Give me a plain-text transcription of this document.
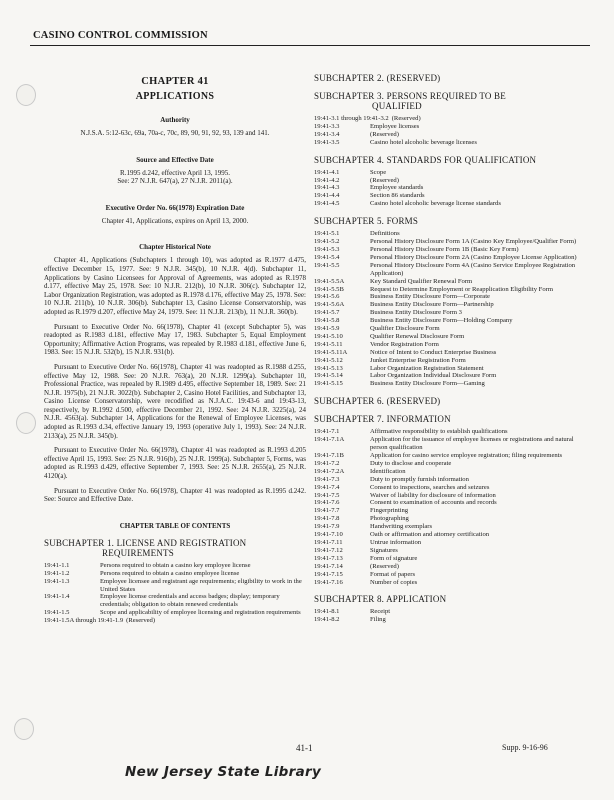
CASINO CONTROL COMMISSION
CHAPTER 41
APPLICATIONS
Authority
N.J.S.A. 5:12-63c, 69a, 70a-c, 70c, 89, 90, 91, 92, 93, 139 and 141.
Source and Effective Date
R.1995 d.242, effective April 13, 1995.
See: 27 N.J.R. 647(a), 27 N.J.R. 2011(a).
Executive Order No. 66(1978) Expiration Date
Chapter 41, Applications, expires on April 13, 2000.
Chapter Historical Note
Chapter 41, Applications (Subchapters 1 through 10), was adopted as R.1977 d.475, effective December 15, 1977. See: 9 N.J.R. 345(b), 10 N.J.R. 4(d). Subchapter 11, Applications by Casino Licensees for Approval of Agreements, was adopted as R.1978 d.177, effective May 25, 1978. See: 10 N.J.R. 212(b), 10 N.J.R. 306(c). Subchapter 12, Labor Organization Registration, was adopted as R.1978 d.176, effective May 25, 1978. See: 10 N.J.R. 211(b), 10 N.J.R. 306(b). Subchapter 13, Casino License Conservatorship, was adopted as R.1979 d.207, effective May 24, 1979. See: 11 N.J.R. 213(b), 11 N.J.R. 360(b).
Pursuant to Executive Order No. 66(1978), Chapter 41 (except Subchapter 5), was readopted as R.1983 d.181, effective May 17, 1983. Subchapter 5, Equal Employment Opportunity; Affirmative Action Programs, was repealed by R.1983 d.181, effective June 6, 1983. See: 15 N.J.R. 532(b), 15 N.J.R. 931(b).
Pursuant to Executive Order No. 66(1978), Chapter 41 was readopted as R.1988 d.255, effective May 12, 1988. See: 20 N.J.R. 763(a), 20 N.J.R. 1299(a). Subchapter 10, Professional Practice, was repealed by R.1989 d.495, effective September 18, 1989. See: 21 N.J.R. 1975(b), 21 N.J.R. 3022(b). Subchapter 2, Casino Hotel Facilities, and Subchapter 13, Casino License Conservatorship, were recodified as N.J.A.C. 19:43-6 and 19:43-13, respectively, by R.1992 d.500, effective December 21, 1992. See: 24 N.J.R. 3225(a), 24 N.J.R. 4563(a). Subchapter 14, Applications for the Renewal of Employee Licenses, was adopted as R.1993 d.34, effective January 19, 1993 (operative July 1, 1993). See: 24 N.J.R. 2133(a), 25 N.J.R. 345(b).
Pursuant to Executive Order No. 66(1978), Chapter 41 was readopted as R.1993 d.205 effective April 15, 1993. See: 25 N.J.R. 916(b), 25 N.J.R. 1999(a). Subchapter 5, Forms, was adopted as R.1993 d.429, effective September 7, 1993. See: 25 N.J.R. 2655(a), 25 N.J.R. 4120(a).
Pursuant to Executive Order No. 66(1978), Chapter 41 was readopted as R.1995 d.242. See: Source and Effective Date.
CHAPTER TABLE OF CONTENTS
SUBCHAPTER 1. LICENSE AND REGISTRATION
REQUIREMENTS
19:41-1.1	Persons required to obtain a casino key employee license
19:41-1.2	Persons required to obtain a casino employee license
19:41-1.3	Employee licensee and registrant age requirements; eligibility to work in the United States
19:41-1.4	Employee license credentials and access badges; display; temporary credentials; obligation to obtain renewed credentials
19:41-1.5	Scope and applicability of employee licensing and registration requirements
19:41-1.5A through 19:41-1.9 (Reserved)
SUBCHAPTER 2. (RESERVED)
SUBCHAPTER 3. PERSONS REQUIRED TO BE
QUALIFIED
19:41-3.1 through 19:41-3.2 (Reserved)
19:41-3.3	Employee licenses
19:41-3.4	(Reserved)
19:41-3.5	Casino hotel alcoholic beverage licenses
SUBCHAPTER 4. STANDARDS FOR QUALIFICATION
19:41-4.1	Scope
19:41-4.2	(Reserved)
19:41-4.3	Employee standards
19:41-4.4	Section 86 standards
19:41-4.5	Casino hotel alcoholic beverage license standards
SUBCHAPTER 5. FORMS
19:41-5.1	Definitions
19:41-5.2	Personal History Disclosure Form 1A (Casino Key Employee/Qualifier Form)
19:41-5.3	Personal History Disclosure Form 1B (Basic Key Form)
19:41-5.4	Personal History Disclosure Form 2A (Casino Employee License Application)
19:41-5.5	Personal History Disclosure Form 4A (Casino Service Employee Registration Application)
19:41-5.5A	Key Standard Qualifier Renewal Form
19:41-5.5B	Request to Determine Employment or Reapplication Eligibility Form
19:41-5.6	Business Entity Disclosure Form—Corporate
19:41-5.6A	Business Entity Disclosure Form—Partnership
19:41-5.7	Business Entity Disclosure Form 3
19:41-5.8	Business Entity Disclosure Form—Holding Company
19:41-5.9	Qualifier Disclosure Form
19:41-5.10	Qualifier Renewal Disclosure Form
19:41-5.11	Vendor Registration Form
19:41-5.11A	Notice of Intent to Conduct Enterprise Business
19:41-5.12	Junket Enterprise Registration Form
19:41-5.13	Labor Organization Registration Statement
19:41-5.14	Labor Organization Individual Disclosure Form
19:41-5.15	Business Entity Disclosure Form—Gaming
SUBCHAPTER 6. (RESERVED)
SUBCHAPTER 7. INFORMATION
19:41-7.1	Affirmative responsibility to establish qualifications
19:41-7.1A	Application for the issuance of employee licenses or registrations and natural person qualification
19:41-7.1B	Application for casino service employee registration; filing requirements
19:41-7.2	Duty to disclose and cooperate
19:41-7.2A	Identification
19:41-7.3	Duty to promptly furnish information
19:41-7.4	Consent to inspections, searches and seizures
19:41-7.5	Waiver of liability for disclosure of information
19:41-7.6	Consent to examination of accounts and records
19:41-7.7	Fingerprinting
19:41-7.8	Photographing
19:41-7.9	Handwriting exemplars
19:41-7.10	Oath or affirmation and attorney certification
19:41-7.11	Untrue information
19:41-7.12	Signatures
19:41-7.13	Form of signature
19:41-7.14	(Reserved)
19:41-7.15	Format of papers
19:41-7.16	Number of copies
SUBCHAPTER 8. APPLICATION
19:41-8.1	Receipt
19:41-8.2	Filing
41-1	Supp. 9-16-96
New Jersey State Library
